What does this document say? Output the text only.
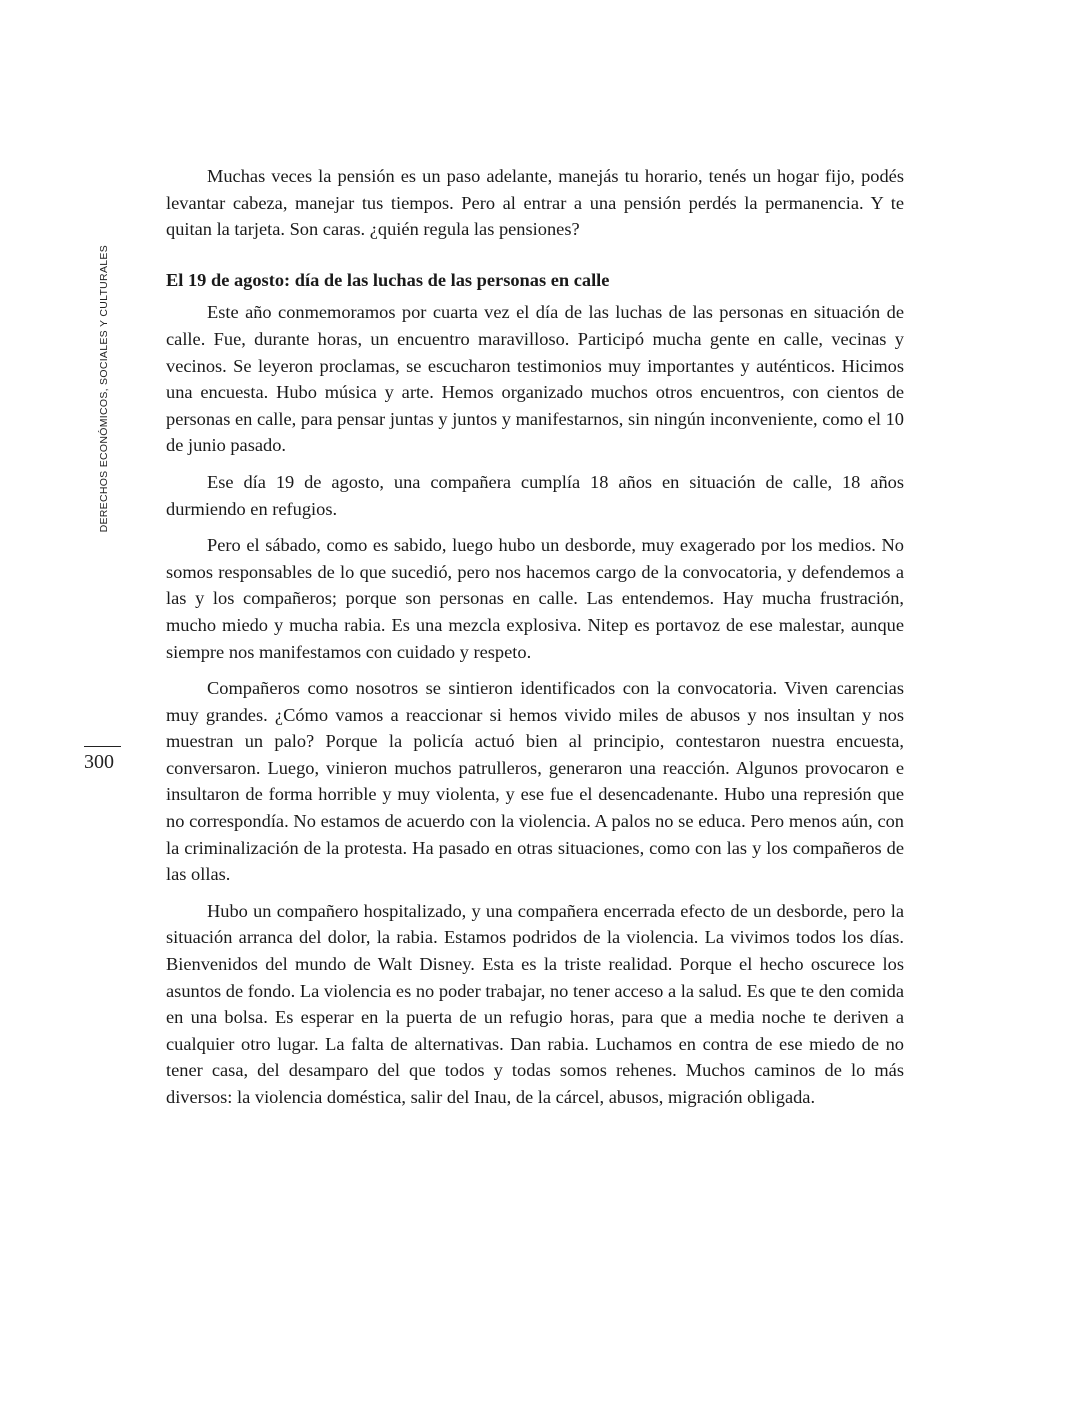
DERECHOS ECONÓMICOS, SOCIALES Y CULTURALES
300

Muchas veces la pensión es un paso adelante, manejás tu horario, tenés un hogar fijo, podés levantar cabeza, manejar tus tiempos. Pero al entrar a una pensión perdés la permanencia. Y te quitan la tarjeta. Son caras. ¿quién regula las pensiones?

El 19 de agosto: día de las luchas de las personas en calle

Este año conmemoramos por cuarta vez el día de las luchas de las personas en situación de calle. Fue, durante horas, un encuentro maravilloso. Participó mucha gente en calle, vecinas y vecinos. Se leyeron proclamas, se escucharon testimonios muy importantes y auténticos. Hicimos una encuesta. Hubo música y arte. Hemos organizado muchos otros encuentros, con cientos de personas en calle, para pensar juntas y juntos y manifestarnos, sin ningún inconveniente, como el 10 de junio pasado.

Ese día 19 de agosto, una compañera cumplía 18 años en situación de calle, 18 años durmiendo en refugios.

Pero el sábado, como es sabido, luego hubo un desborde, muy exagerado por los medios. No somos responsables de lo que sucedió, pero nos hacemos cargo de la convocatoria, y defendemos a las y los compañeros; porque son personas en calle. Las entendemos. Hay mucha frustración, mucho miedo y mucha rabia. Es una mezcla explosiva. Nitep es portavoz de ese malestar, aunque siempre nos manifestamos con cuidado y respeto.

Compañeros como nosotros se sintieron identificados con la convocatoria. Viven carencias muy grandes. ¿Cómo vamos a reaccionar si hemos vivido miles de abusos y nos insultan y nos muestran un palo? Porque la policía actuó bien al principio, contestaron nuestra encuesta, conversaron. Luego, vinieron muchos patrulleros, generaron una reacción. Algunos provocaron e insultaron de forma horrible y muy violenta, y ese fue el desencadenante. Hubo una represión que no correspondía. No estamos de acuerdo con la violencia. A palos no se educa. Pero menos aún, con la criminalización de la protesta. Ha pasado en otras situaciones, como con las y los compañeros de las ollas.

Hubo un compañero hospitalizado, y una compañera encerrada efecto de un desborde, pero la situación arranca del dolor, la rabia. Estamos podridos de la violencia. La vivimos todos los días. Bienvenidos del mundo de Walt Disney. Esta es la triste realidad. Porque el hecho oscurece los asuntos de fondo. La violencia es no poder trabajar, no tener acceso a la salud. Es que te den comida en una bolsa. Es esperar en la puerta de un refugio horas, para que a media noche te deriven a cualquier otro lugar. La falta de alternativas. Dan rabia. Luchamos en contra de ese miedo de no tener casa, del desamparo del que todos y todas somos rehenes. Muchos caminos de lo más diversos: la violencia doméstica, salir del Inau, de la cárcel, abusos, migración obligada.
